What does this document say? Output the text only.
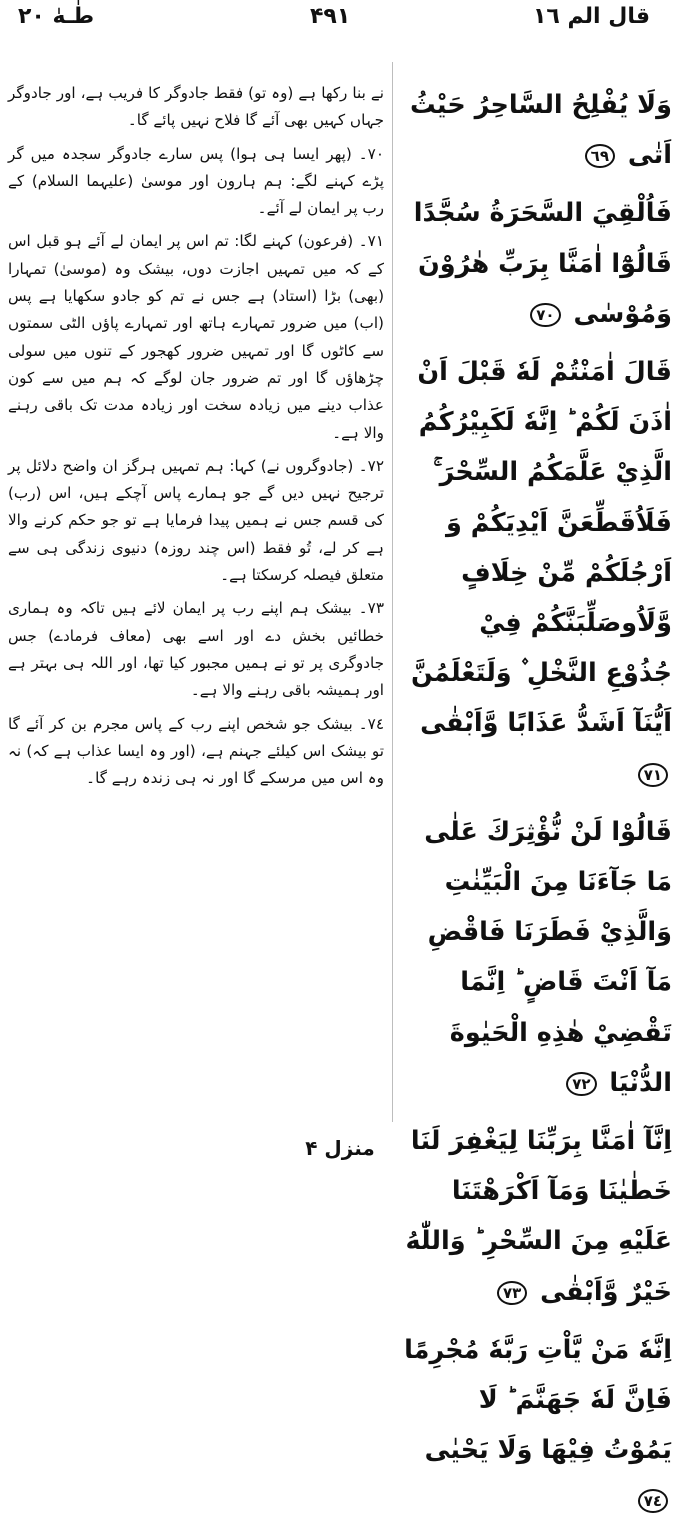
قال الم ١٦
۴۹۱
طٰـهٰ ٢٠

نے بنا رکھا ہے (وہ تو) فقط جادوگر کا فریب ہے، اور جادوگر جہاں کہیں بھی آئے گا فلاح نہیں پائے گا۔

٧٠۔ (پھر ایسا ہی ہوا) پس سارے جادوگر سجدہ میں گر پڑے کہنے لگے: ہم ہارون اور موسیٰ (علیہما السلام) کے رب پر ایمان لے آئے۔

٧١۔ (فرعون) کہنے لگا: تم اس پر ایمان لے آئے ہو قبل اس کے کہ میں تمہیں اجازت دوں، بیشک وہ (موسیٰ) تمہارا (بھی) بڑا (استاد) ہے جس نے تم کو جادو سکھایا ہے پس (اب) میں ضرور تمہارے ہاتھ اور تمہارے پاؤں الٹی سمتوں سے کاٹوں گا اور تمہیں ضرور کھجور کے تنوں میں سولی چڑھاؤں گا اور تم ضرور جان لوگے کہ ہم میں سے کون عذاب دینے میں زیادہ سخت اور زیادہ مدت تک باقی رہنے والا ہے۔

٧٢۔ (جادوگروں نے) کہا: ہم تمہیں ہرگز ان واضح دلائل پر ترجیح نہیں دیں گے جو ہمارے پاس آچکے ہیں، اس (رب) کی قسم جس نے ہمیں پیدا فرمایا ہے تو جو حکم کرنے والا ہے کر لے، تُو فقط (اس چند روزہ) دنیوی زندگی ہی سے متعلق فیصلہ کرسکتا ہے۔

٧٣۔ بیشک ہم اپنے رب پر ایمان لائے ہیں تاکہ وہ ہماری خطائیں بخش دے اور اسے بھی (معاف فرمادے) جس جادوگری پر تو نے ہمیں مجبور کیا تھا، اور اللہ ہی بہتر ہے اور ہمیشہ باقی رہنے والا ہے۔

٧٤۔ بیشک جو شخص اپنے رب کے پاس مجرم بن کر آئے گا تو بیشک اس کیلئے جہنم ہے، (اور وہ ایسا عذاب ہے کہ) نہ وہ اس میں مرسکے گا اور نہ ہی زندہ رہے گا۔

وَلَا يُفْلِحُ السَّاحِرُ حَيْثُ اَتٰى ٦٩

فَاُلْقِيَ السَّحَرَةُ سُجَّدًا قَالُوْٓا اٰمَنَّا بِرَبِّ هٰرُوْنَ وَمُوْسٰى ٧٠

قَالَ اٰمَنْتُمْ لَهٗ قَبْلَ اَنْ اٰذَنَ لَكُمْ ؕ اِنَّهٗ لَكَبِيْرُكُمُ الَّذِيْ عَلَّمَكُمُ السِّحْرَ ۚ فَلَاُقَطِّعَنَّ اَيْدِيَكُمْ وَ اَرْجُلَكُمْ مِّنْ خِلَافٍ وَّلَاُوصَلِّبَنَّكُمْ فِيْ جُذُوْعِ النَّخْلِ ۫ وَلَتَعْلَمُنَّ اَيُّنَآ اَشَدُّ عَذَابًا وَّاَبْقٰى ٧١

قَالُوْا لَنْ نُّؤْثِرَكَ عَلٰى مَا جَآءَنَا مِنَ الْبَيِّنٰتِ وَالَّذِيْ فَطَرَنَا فَاقْضِ مَآ اَنْتَ قَاضٍ ؕ اِنَّمَا تَقْضِيْ هٰذِهِ الْحَيٰوةَ الدُّنْيَا ٧٢

اِنَّآ اٰمَنَّا بِرَبِّنَا لِيَغْفِرَ لَنَا خَطٰيٰنَا وَمَآ اَكْرَهْتَنَا عَلَيْهِ مِنَ السِّحْرِ ؕ وَاللّٰهُ خَيْرٌ وَّاَبْقٰى ٧٣

اِنَّهٗ مَنْ يَّاْتِ رَبَّهٗ مُجْرِمًا فَاِنَّ لَهٗ جَهَنَّمَ ؕ لَا يَمُوْتُ فِيْهَا وَلَا يَحْيٰى ٧٤

منزل ۴
